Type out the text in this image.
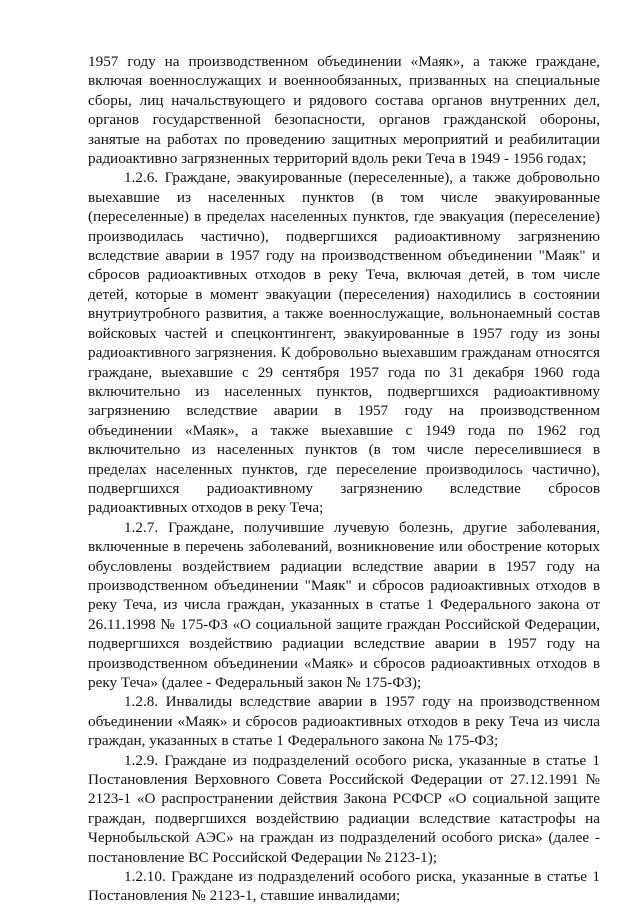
1957 году на производственном объединении «Маяк», а также граждане, включая военнослужащих и военнообязанных, призванных на специальные сборы, лиц начальствующего и рядового состава органов внутренних дел, органов государственной безопасности, органов гражданской обороны, занятые на работах по проведению защитных мероприятий и реабилитации радиоактивно загрязненных территорий вдоль реки Теча в 1949 - 1956 годах;

1.2.6. Граждане, эвакуированные (переселенные), а также добровольно выехавшие из населенных пунктов (в том числе эвакуированные (переселенные) в пределах населенных пунктов, где эвакуация (переселение) производилась частично), подвергшихся радиоактивному загрязнению вследствие аварии в 1957 году на производственном объединении "Маяк" и сбросов радиоактивных отходов в реку Теча, включая детей, в том числе детей, которые в момент эвакуации (переселения) находились в состоянии внутриутробного развития, а также военнослужащие, вольнонаемный состав войсковых частей и спецконтингент, эвакуированные в 1957 году из зоны радиоактивного загрязнения. К добровольно выехавшим гражданам относятся граждане, выехавшие с 29 сентября 1957 года по 31 декабря 1960 года включительно из населенных пунктов, подвергшихся радиоактивному загрязнению вследствие аварии в 1957 году на производственном объединении «Маяк», а также выехавшие с 1949 года по 1962 год включительно из населенных пунктов (в том числе переселившиеся в пределах населенных пунктов, где переселение производилось частично), подвергшихся радиоактивному загрязнению вследствие сбросов радиоактивных отходов в реку Теча;

1.2.7. Граждане, получившие лучевую болезнь, другие заболевания, включенные в перечень заболеваний, возникновение или обострение которых обусловлены воздействием радиации вследствие аварии в 1957 году на производственном объединении "Маяк" и сбросов радиоактивных отходов в реку Теча, из числа граждан, указанных в статье 1 Федерального закона от 26.11.1998 № 175-ФЗ «О социальной защите граждан Российской Федерации, подвергшихся воздействию радиации вследствие аварии в 1957 году на производственном объединении «Маяк» и сбросов радиоактивных отходов в реку Теча» (далее - Федеральный закон № 175-ФЗ);

1.2.8. Инвалиды вследствие аварии в 1957 году на производственном объединении «Маяк» и сбросов радиоактивных отходов в реку Теча из числа граждан, указанных в статье 1 Федерального закона № 175-ФЗ;

1.2.9. Граждане из подразделений особого риска, указанные в статье 1 Постановления Верховного Совета Российской Федерации от 27.12.1991 № 2123-1 «О распространении действия Закона РСФСР «О социальной защите граждан, подвергшихся воздействию радиации вследствие катастрофы на Чернобыльской АЭС» на граждан из подразделений особого риска» (далее - постановление ВС Российской Федерации № 2123-1);

1.2.10. Граждане из подразделений особого риска, указанные в статье 1 Постановления № 2123-1, ставшие инвалидами;
